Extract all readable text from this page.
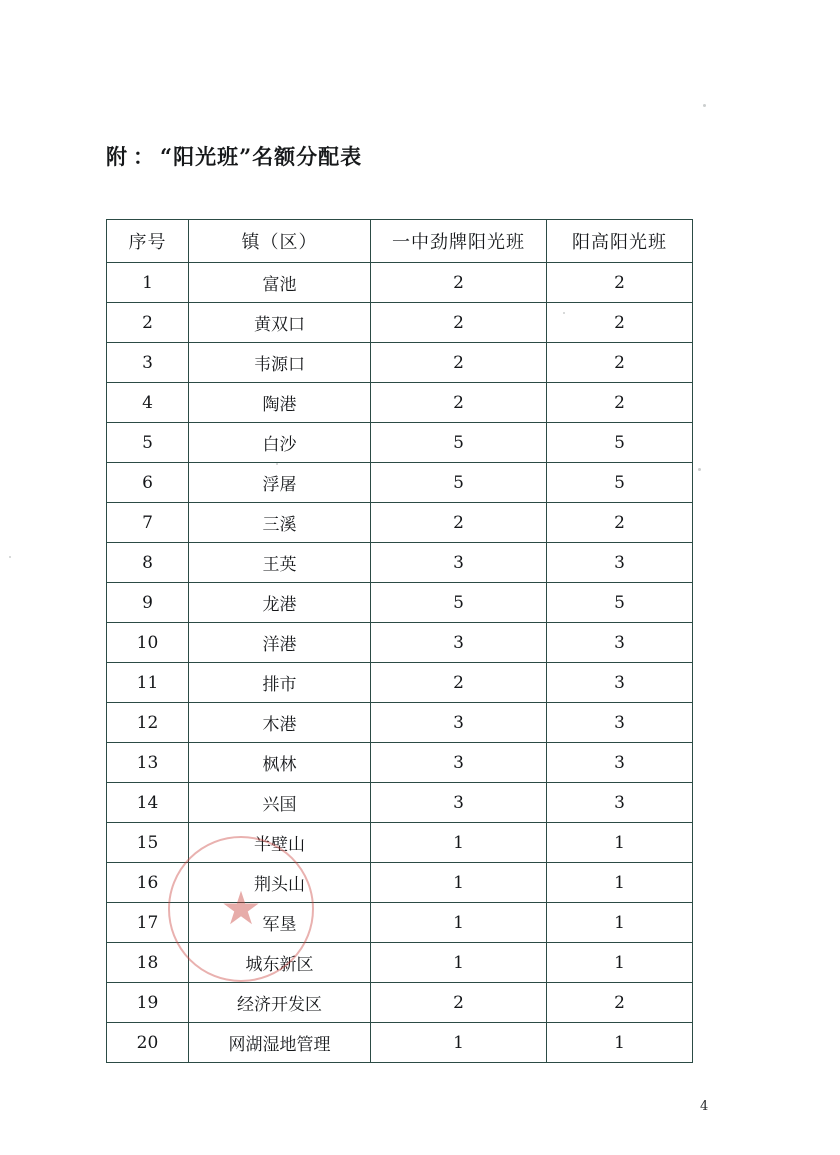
附：“阳光班”名额分配表
序号	镇（区）	一中劲牌阳光班	阳高阳光班
1	富池	2	2
2	黄双口	2	2
3	韦源口	2	2
4	陶港	2	2
5	白沙	5	5
6	浮屠	5	5
7	三溪	2	2
8	王英	3	3
9	龙港	5	5
10	洋港	3	3
11	排市	2	3
12	木港	3	3
13	枫林	3	3
14	兴国	3	3
15	半壁山	1	1
16	荆头山	1	1
17	军垦	1	1
18	城东新区	1	1
19	经济开发区	2	2
20	网湖湿地管理	1	1
★
4
